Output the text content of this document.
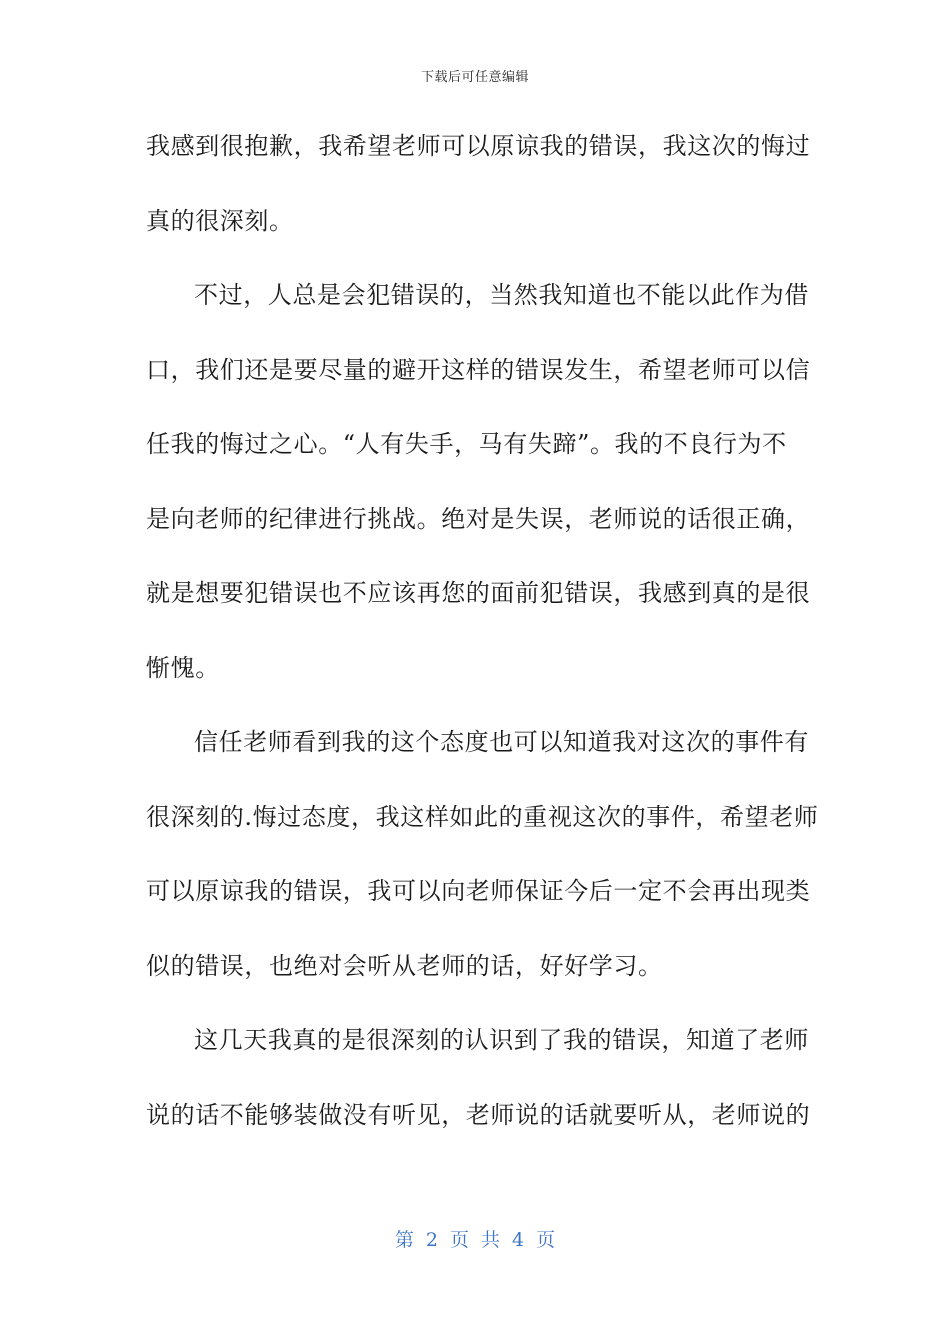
下载后可任意编辑
我感到很抱歉，我希望老师可以原谅我的错误，我这次的悔过
真的很深刻。
不过，人总是会犯错误的，当然我知道也不能以此作为借
口，我们还是要尽量的避开这样的错误发生，希望老师可以信
任我的悔过之心。“人有失手，马有失蹄”。我的不良行为不
是向老师的纪律进行挑战。绝对是失误，老师说的话很正确，
就是想要犯错误也不应该再您的面前犯错误，我感到真的是很
惭愧。
信任老师看到我的这个态度也可以知道我对这次的事件有
很深刻的.悔过态度，我这样如此的重视这次的事件，希望老师
可以原谅我的错误，我可以向老师保证今后一定不会再出现类
似的错误，也绝对会听从老师的话，好好学习。
这几天我真的是很深刻的认识到了我的错误，知道了老师
说的话不能够装做没有听见，老师说的话就要听从，老师说的
第 2 页 共 4 页
